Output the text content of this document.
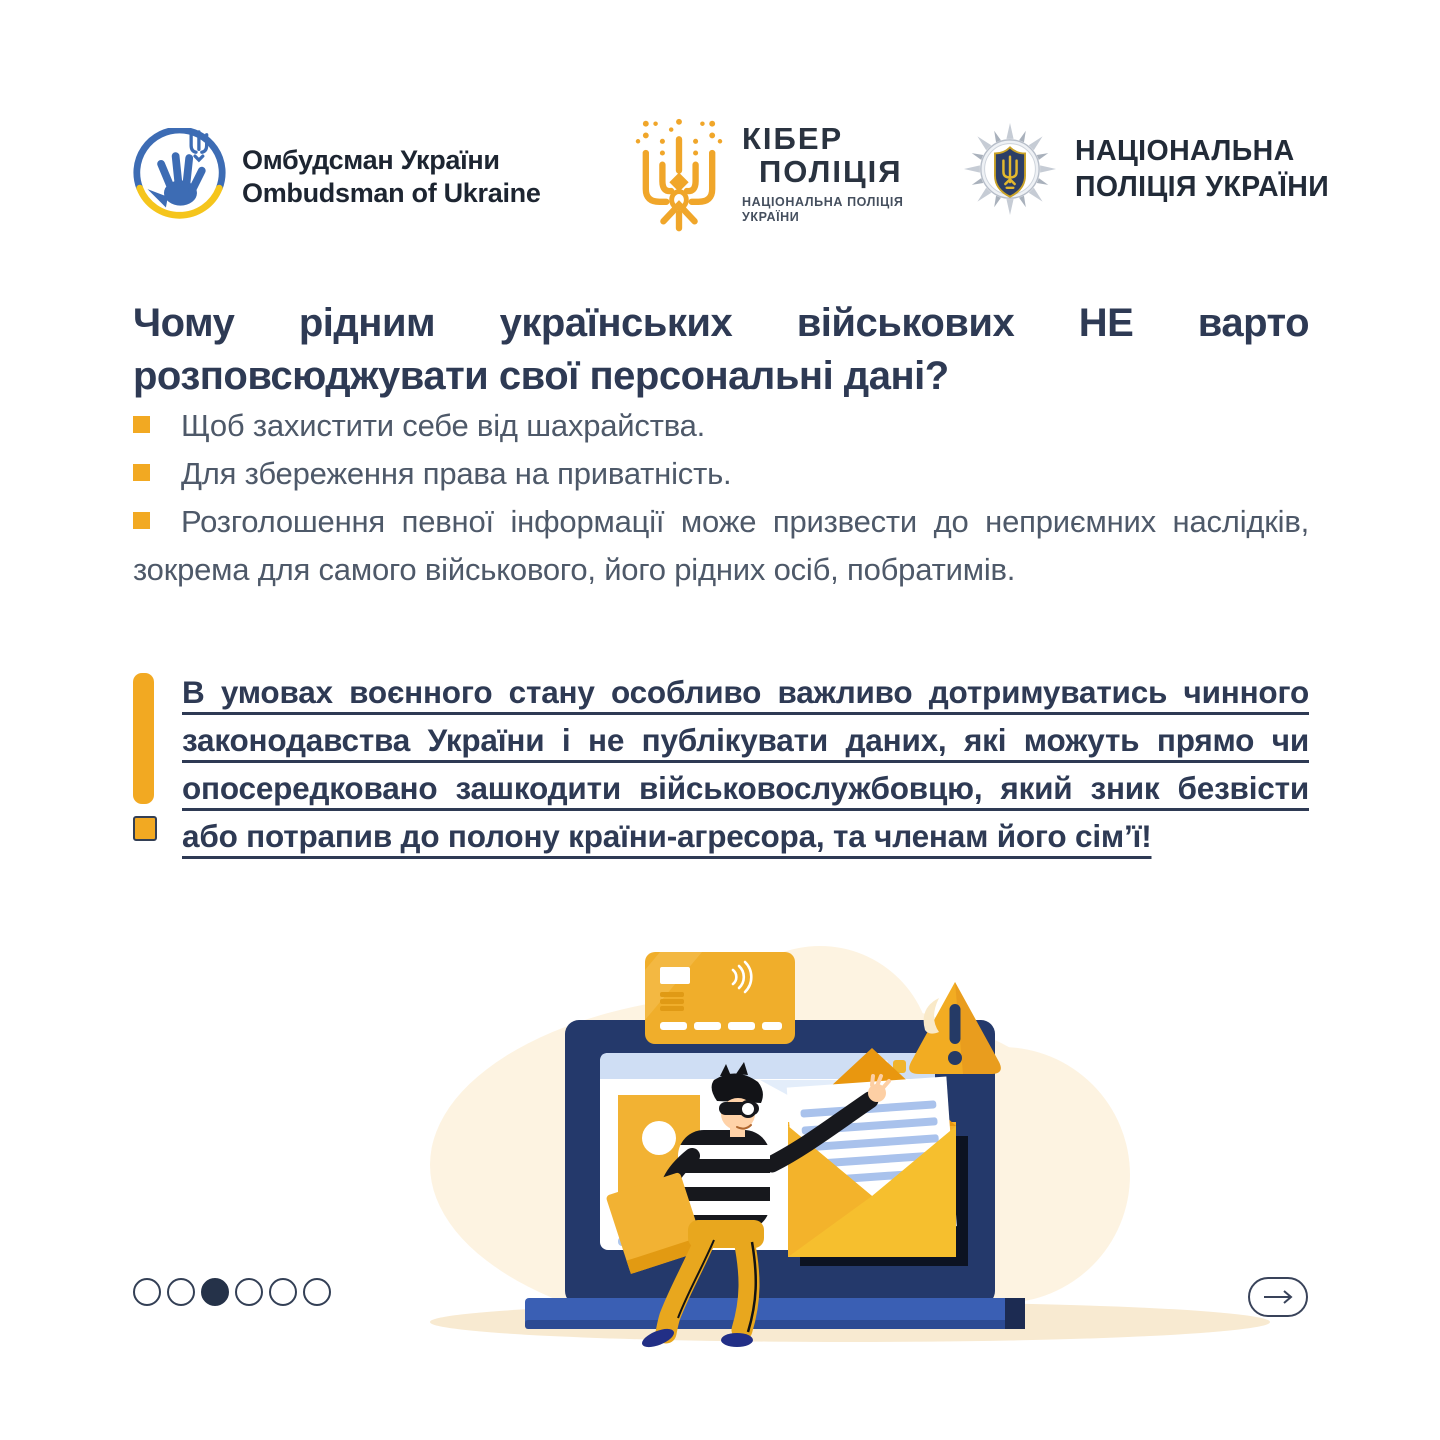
Омбудсман України
Ombudsman of Ukraine
КІБЕР
ПОЛІЦІЯ
НАЦІОНАЛЬНА ПОЛІЦІЯ
УКРАЇНИ
НАЦІОНАЛЬНА
ПОЛІЦІЯ УКРАЇНИ
Чому рідним українських військових НЕ варто розповсюджувати свої персональні дані?

Щоб захистити себе від шахрайства.

Для збереження права на приватність.

Розголошення певної інформації може призвести до неприємних наслідків, зокрема для самого військового, його рідних осіб, побратимів.

В умовах воєнного стану особливо важливо дотримуватись чинного законодавства України і не публікувати даних, які можуть прямо чи опосередковано зашкодити військовослужбовцю, який зник безвісти або потрапив до полону країни-агресора, та членам його сім’ї!
